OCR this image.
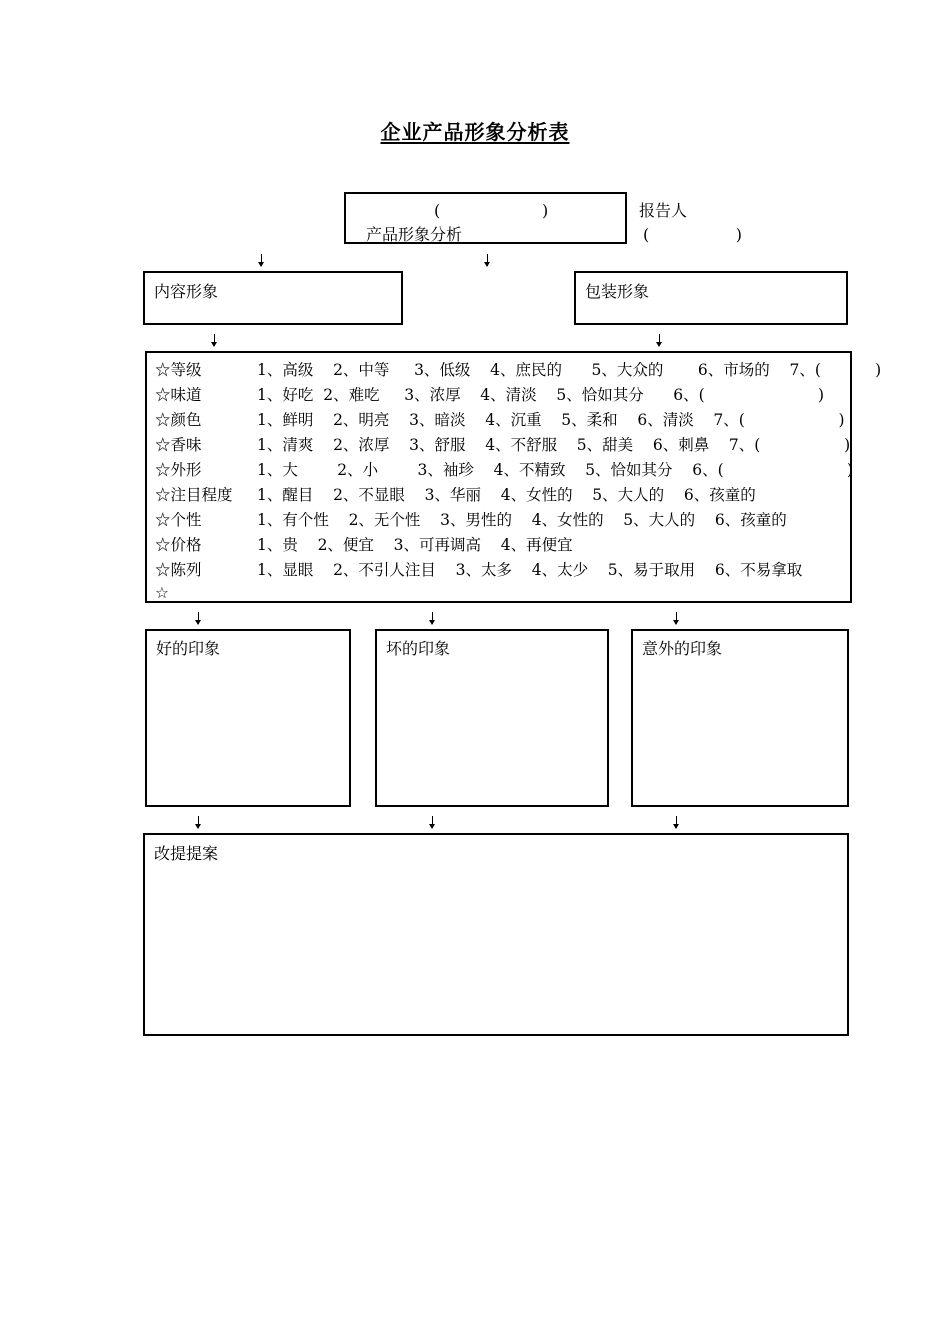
企业产品形象分析表
(                    )
产品形象分析
报告人
(                 )
内容形象	包装形象
☆等级	1、高级    2、中等     3、低级    4、庶民的      5、大众的       6、市场的    7、(           )
☆味道	1、好吃  2、难吃     3、浓厚    4、清淡    5、恰如其分      6、(                       )
☆颜色	1、鲜明    2、明亮    3、暗淡    4、沉重    5、柔和    6、清淡    7、(                   )
☆香味	1、清爽    2、浓厚    3、舒服    4、不舒服    5、甜美    6、刺鼻    7、(                 )
☆外形	1、大        2、小        3、袖珍    4、不精致    5、恰如其分    6、(                         )
☆注目程度 1、醒目    2、不显眼    3、华丽    4、女性的    5、大人的    6、孩童的
☆个性	1、有个性    2、无个性    3、男性的    4、女性的    5、大人的    6、孩童的
☆价格	1、贵    2、便宜    3、可再调高    4、再便宜
☆陈列	1、显眼    2、不引人注目    3、太多    4、太少    5、易于取用    6、不易拿取
☆
好的印象	坏的印象	意外的印象
改提提案
